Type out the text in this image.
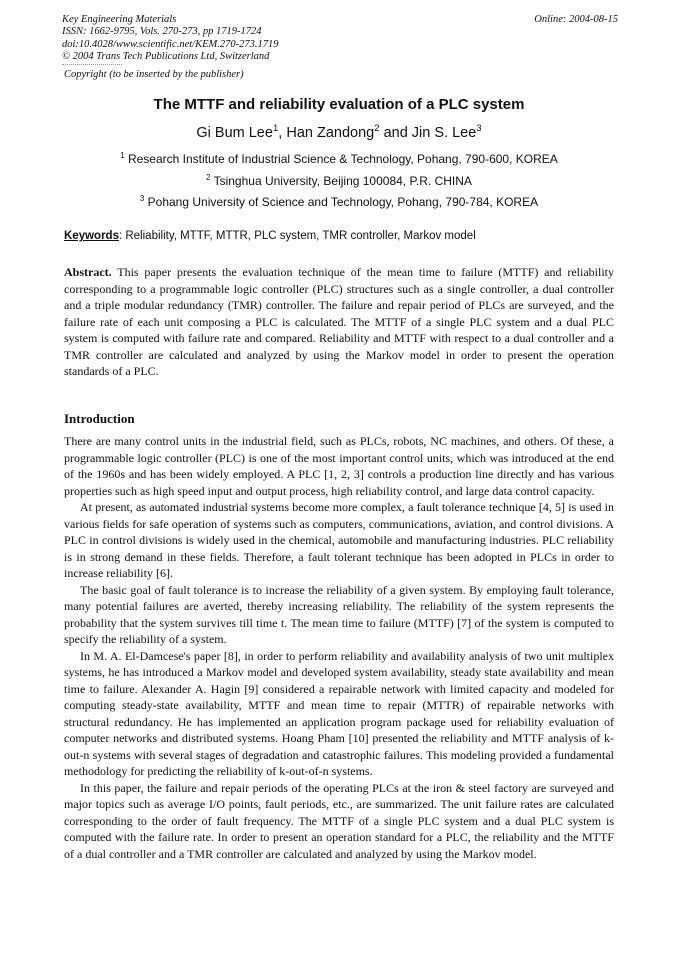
Key Engineering Materials
ISSN: 1662-9795, Vols. 270-273, pp 1719-1724
doi:10.4028/www.scientific.net/KEM.270-273.1719
© 2004 Trans Tech Publications Ltd, Switzerland
Online: 2004-08-15
Copyright (to be inserted by the publisher)
The MTTF and reliability evaluation of a PLC system
Gi Bum Lee$^1$, Han Zandong$^2$ and Jin S. Lee$^3$
$^1$ Research Institute of Industrial Science & Technology, Pohang, 790-600, KOREA
$^2$ Tsinghua University, Beijing 100084, P.R. CHINA
$^3$ Pohang University of Science and Technology, Pohang, 790-784, KOREA
Keywords: Reliability, MTTF, MTTR, PLC system, TMR controller, Markov model
Abstract. This paper presents the evaluation technique of the mean time to failure (MTTF) and reliability corresponding to a programmable logic controller (PLC) structures such as a single controller, a dual controller and a triple modular redundancy (TMR) controller. The failure and repair period of PLCs are surveyed, and the failure rate of each unit composing a PLC is calculated. The MTTF of a single PLC system and a dual PLC system is computed with failure rate and compared. Reliability and MTTF with respect to a dual controller and a TMR controller are calculated and analyzed by using the Markov model in order to present the operation standards of a PLC.
Introduction

There are many control units in the industrial field, such as PLCs, robots, NC machines, and others. Of these, a programmable logic controller (PLC) is one of the most important control units, which was introduced at the end of the 1960s and has been widely employed. A PLC [1, 2, 3] controls a production line directly and has various properties such as high speed input and output process, high reliability control, and large data control capacity.

At present, as automated industrial systems become more complex, a fault tolerance technique [4, 5] is used in various fields for safe operation of systems such as computers, communications, aviation, and control divisions. A PLC in control divisions is widely used in the chemical, automobile and manufacturing industries. PLC reliability is in strong demand in these fields. Therefore, a fault tolerant technique has been adopted in PLCs in order to increase reliability [6].

The basic goal of fault tolerance is to increase the reliability of a given system. By employing fault tolerance, many potential failures are averted, thereby increasing reliability. The reliability of the system represents the probability that the system survives till time t. The mean time to failure (MTTF) [7] of the system is computed to specify the reliability of a system.

In M. A. El-Damcese's paper [8], in order to perform reliability and availability analysis of two unit multiplex systems, he has introduced a Markov model and developed system availability, steady state availability and mean time to failure. Alexander A. Hagin [9] considered a repairable network with limited capacity and modeled for computing steady-state availability, MTTF and mean time to repair (MTTR) of repairable networks with structural redundancy. He has implemented an application program package used for reliability evaluation of computer networks and distributed systems. Hoang Pham [10] presented the reliability and MTTF analysis of k-out-n systems with several stages of degradation and catastrophic failures. This modeling provided a fundamental methodology for predicting the reliability of k-out-of-n systems.

In this paper, the failure and repair periods of the operating PLCs at the iron & steel factory are surveyed and major topics such as average I/O points, fault periods, etc., are summarized. The unit failure rates are calculated corresponding to the order of fault frequency. The MTTF of a single PLC system and a dual PLC system is computed with the failure rate. In order to present an operation standard for a PLC, the reliability and the MTTF of a dual controller and a TMR controller are calculated and analyzed by using the Markov model.
